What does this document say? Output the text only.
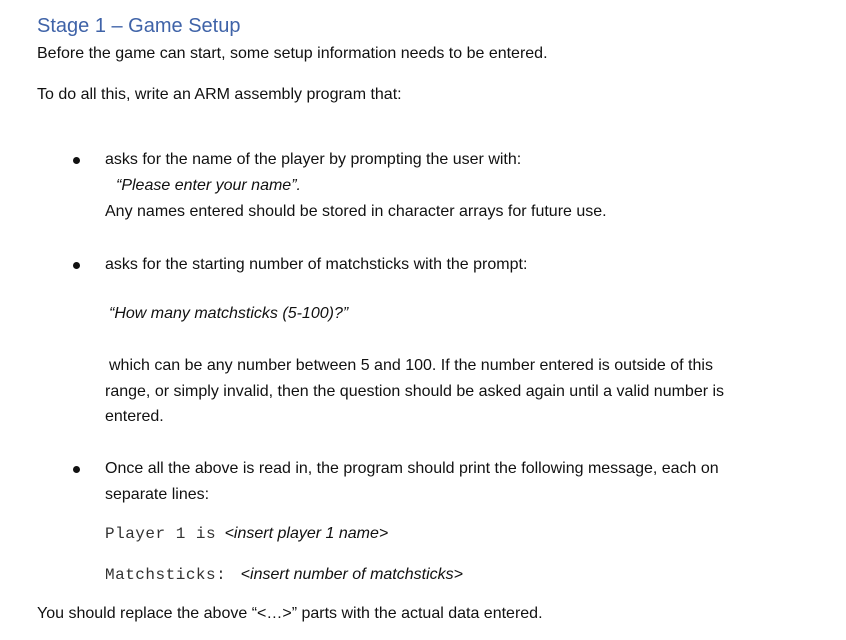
Stage 1 – Game Setup
Before the game can start, some setup information needs to be entered.
To do all this, write an ARM assembly program that:
asks for the name of the player by prompting the user with:
“Please enter your name”.
Any names entered should be stored in character arrays for future use.
asks for the starting number of matchsticks with the prompt:
“How many matchsticks (5-100)?”
which can be any number between 5 and 100. If the number entered is outside of this
range, or simply invalid, then the question should be asked again until a valid number is
entered.
Once all the above is read in, the program should print the following message, each on
separate lines:
Player 1 is <insert player 1 name>
Matchsticks: <insert number of matchsticks>
You should replace the above “<…>” parts with the actual data entered.
